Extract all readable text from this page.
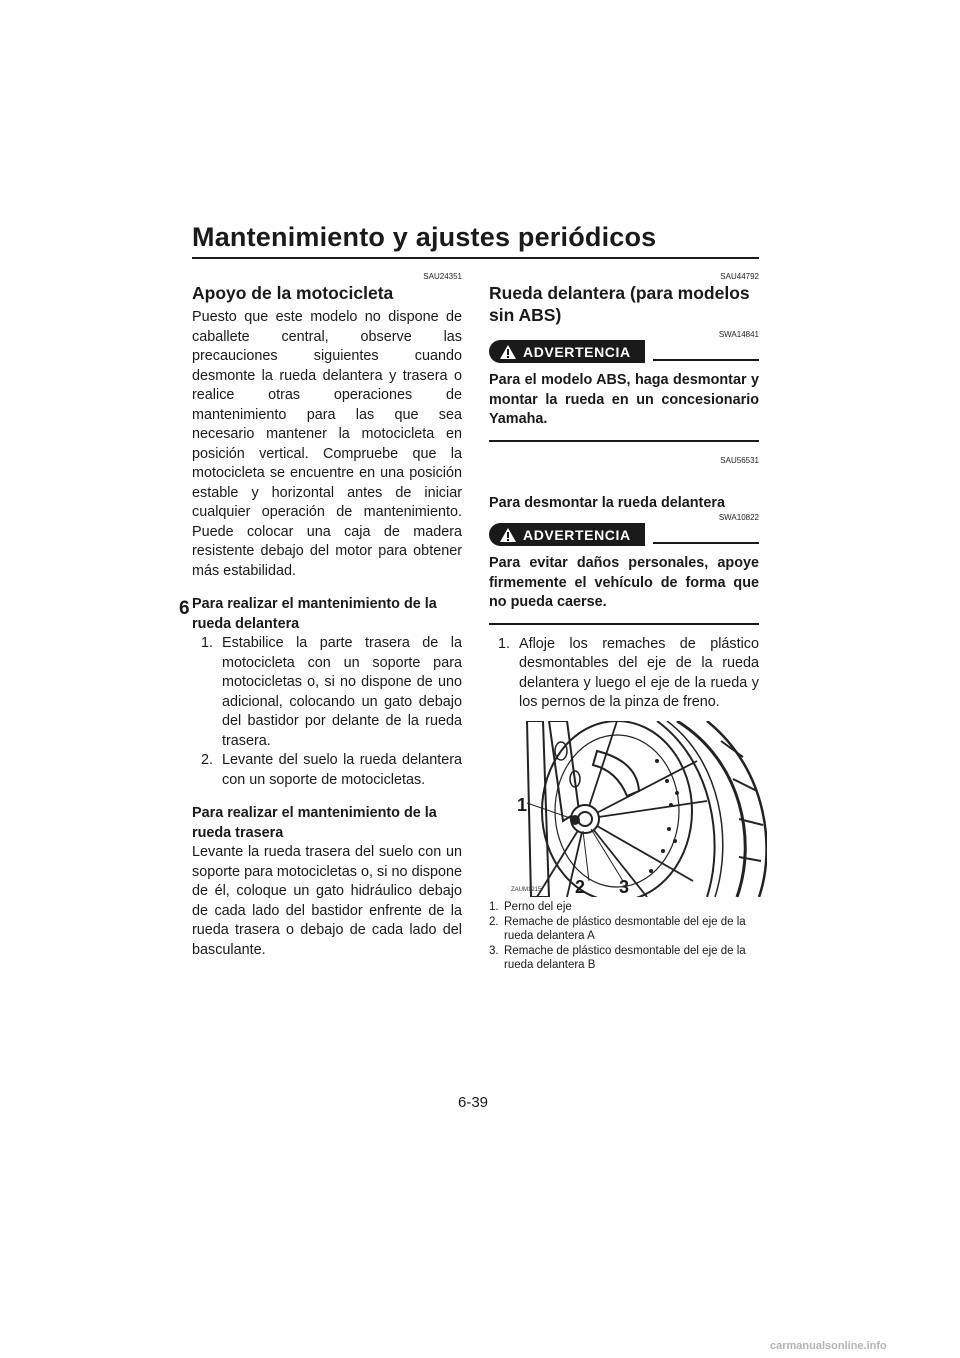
Mantenimiento y ajustes periódicos
6
SAU24351
Apoyo de la motocicleta

Puesto que este modelo no dispone de caballete central, observe las precauciones siguientes cuando desmonte la rueda delantera y trasera o realice otras operaciones de mantenimiento para las que sea necesario mantener la motocicleta en posición vertical. Compruebe que la motocicleta se encuentre en una posición estable y horizontal antes de iniciar cualquier operación de mantenimiento. Puede colocar una caja de madera resistente debajo del motor para obtener más estabilidad.

Para realizar el mantenimiento de la rueda delantera
1. Estabilice la parte trasera de la motocicleta con un soporte para motocicletas o, si no dispone de uno adicional, colocando un gato debajo del bastidor por delante de la rueda trasera.
2. Levante del suelo la rueda delantera con un soporte de motocicletas.
Para realizar el mantenimiento de la rueda trasera

Levante la rueda trasera del suelo con un soporte para motocicletas o, si no dispone de él, coloque un gato hidráulico debajo de cada lado del bastidor enfrente de la rueda trasera o debajo de cada lado del basculante.

SAU44792
Rueda delantera (para modelos sin ABS)
SWA14841
ADVERTENCIA

Para el modelo ABS, haga desmontar y montar la rueda en un concesionario Yamaha.

SAU56531
Para desmontar la rueda delantera
SWA10822
ADVERTENCIA

Para evitar daños personales, apoye firmemente el vehículo de forma que no pueda caerse.

1. Afloje los remaches de plástico desmontables del eje de la rueda delantera y luego el eje de la rueda y los pernos de la pinza de freno.
1
2 3
ZAUM1215
1. Perno del eje
2. Remache de plástico desmontable del eje de la rueda delantera A
3. Remache de plástico desmontable del eje de la rueda delantera B
6-39
carmanualsonline.info
